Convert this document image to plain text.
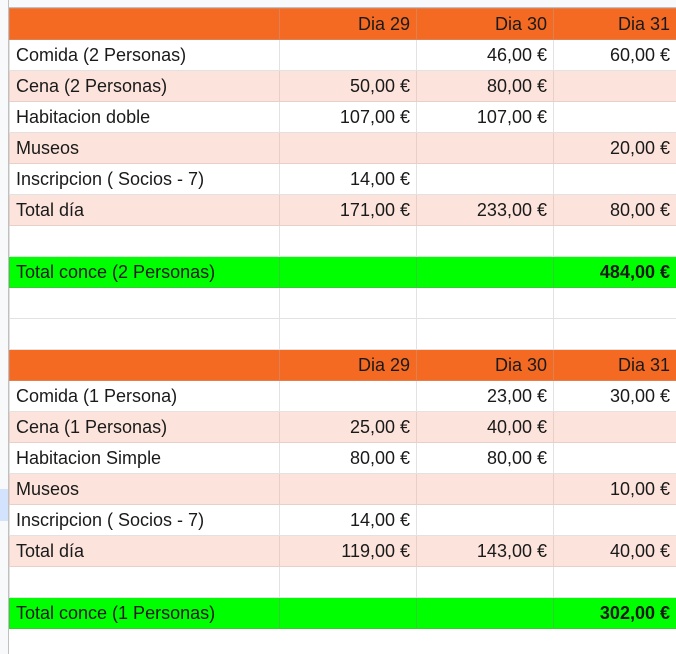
	Dia 29	Dia 30	Dia 31
Comida (2 Personas)		46,00 €	60,00 €
Cena (2 Personas)	50,00 €	80,00 €	
Habitacion doble	107,00 €	107,00 €	
Museos			20,00 €
Inscripcion ( Socios - 7)	14,00 €		
Total día	171,00 €	233,00 €	80,00 €

Total conce (2 Personas)			484,00 €

	Dia 29	Dia 30	Dia 31
Comida (1 Persona)		23,00 €	30,00 €
Cena (1 Personas)	25,00 €	40,00 €	
Habitacion Simple	80,00 €	80,00 €	
Museos			10,00 €
Inscripcion ( Socios - 7)	14,00 €		
Total día	119,00 €	143,00 €	40,00 €

Total conce (1 Personas)			302,00 €
